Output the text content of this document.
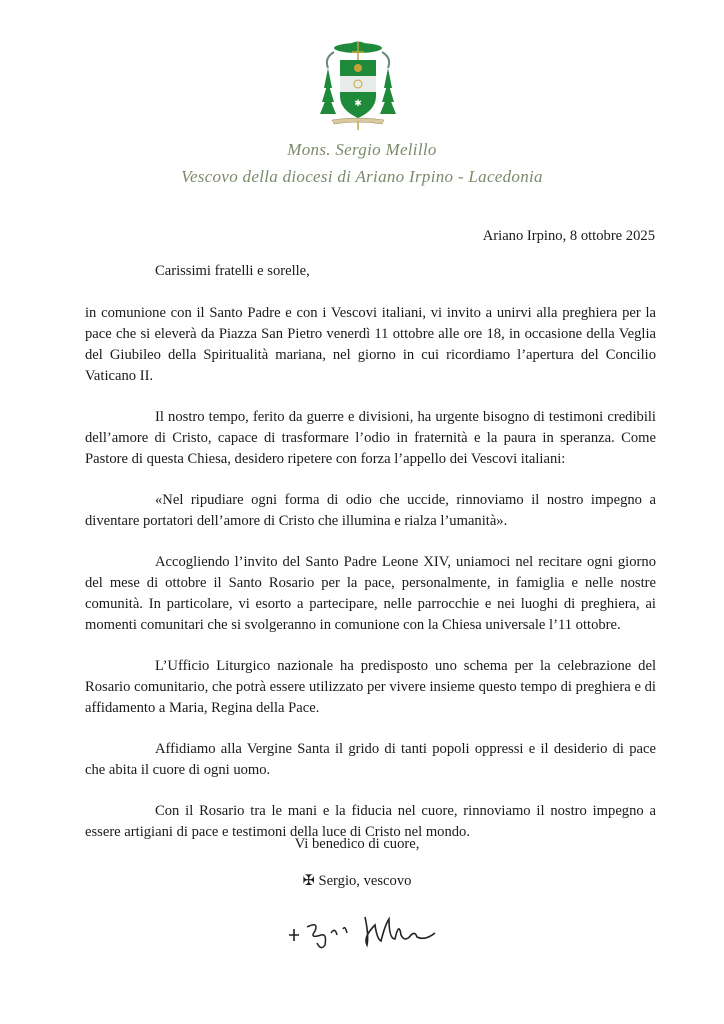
✱
Mons. Sergio Melillo
Vescovo della diocesi di Ariano Irpino - Lacedonia
Ariano Irpino, 8 ottobre 2025
Carissimi fratelli e sorelle,

in comunione con il Santo Padre e con i Vescovi italiani, vi invito a unirvi alla preghiera per la pace che si eleverà da Piazza San Pietro venerdì 11 ottobre alle ore 18, in occasione della Veglia del Giubileo della Spiritualità mariana, nel giorno in cui ricordiamo l’apertura del Concilio Vaticano II.

Il nostro tempo, ferito da guerre e divisioni, ha urgente bisogno di testimoni credibili dell’amore di Cristo, capace di trasformare l’odio in fraternità e la paura in speranza. Come Pastore di questa Chiesa, desidero ripetere con forza l’appello dei Vescovi italiani:

«Nel ripudiare ogni forma di odio che uccide, rinnoviamo il nostro impegno a diventare portatori dell’amore di Cristo che illumina e rialza l’umanità».

Accogliendo l’invito del Santo Padre Leone XIV, uniamoci nel recitare ogni giorno del mese di ottobre il Santo Rosario per la pace, personalmente, in famiglia e nelle nostre comunità. In particolare, vi esorto a partecipare, nelle parrocchie e nei luoghi di preghiera, ai momenti comunitari che si svolgeranno in comunione con la Chiesa universale l’11 ottobre.

L’Ufficio Liturgico nazionale ha predisposto uno schema per la celebrazione del Rosario comunitario, che potrà essere utilizzato per vivere insieme questo tempo di preghiera e di affidamento a Maria, Regina della Pace.

Affidiamo alla Vergine Santa il grido di tanti popoli oppressi e il desiderio di pace che abita il cuore di ogni uomo.

Con il Rosario tra le mani e la fiducia nel cuore, rinnoviamo il nostro impegno a essere artigiani di pace e testimoni della luce di Cristo nel mondo.

Vi benedico di cuore,
✠ Sergio, vescovo
